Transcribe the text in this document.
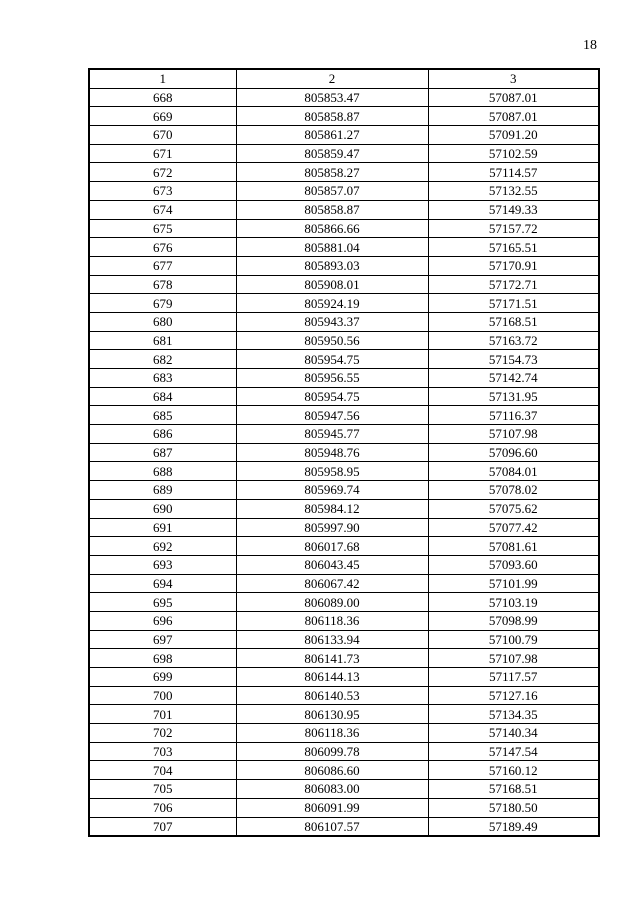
18
1	2	3
668	805853.47	57087.01
669	805858.87	57087.01
670	805861.27	57091.20
671	805859.47	57102.59
672	805858.27	57114.57
673	805857.07	57132.55
674	805858.87	57149.33
675	805866.66	57157.72
676	805881.04	57165.51
677	805893.03	57170.91
678	805908.01	57172.71
679	805924.19	57171.51
680	805943.37	57168.51
681	805950.56	57163.72
682	805954.75	57154.73
683	805956.55	57142.74
684	805954.75	57131.95
685	805947.56	57116.37
686	805945.77	57107.98
687	805948.76	57096.60
688	805958.95	57084.01
689	805969.74	57078.02
690	805984.12	57075.62
691	805997.90	57077.42
692	806017.68	57081.61
693	806043.45	57093.60
694	806067.42	57101.99
695	806089.00	57103.19
696	806118.36	57098.99
697	806133.94	57100.79
698	806141.73	57107.98
699	806144.13	57117.57
700	806140.53	57127.16
701	806130.95	57134.35
702	806118.36	57140.34
703	806099.78	57147.54
704	806086.60	57160.12
705	806083.00	57168.51
706	806091.99	57180.50
707	806107.57	57189.49
